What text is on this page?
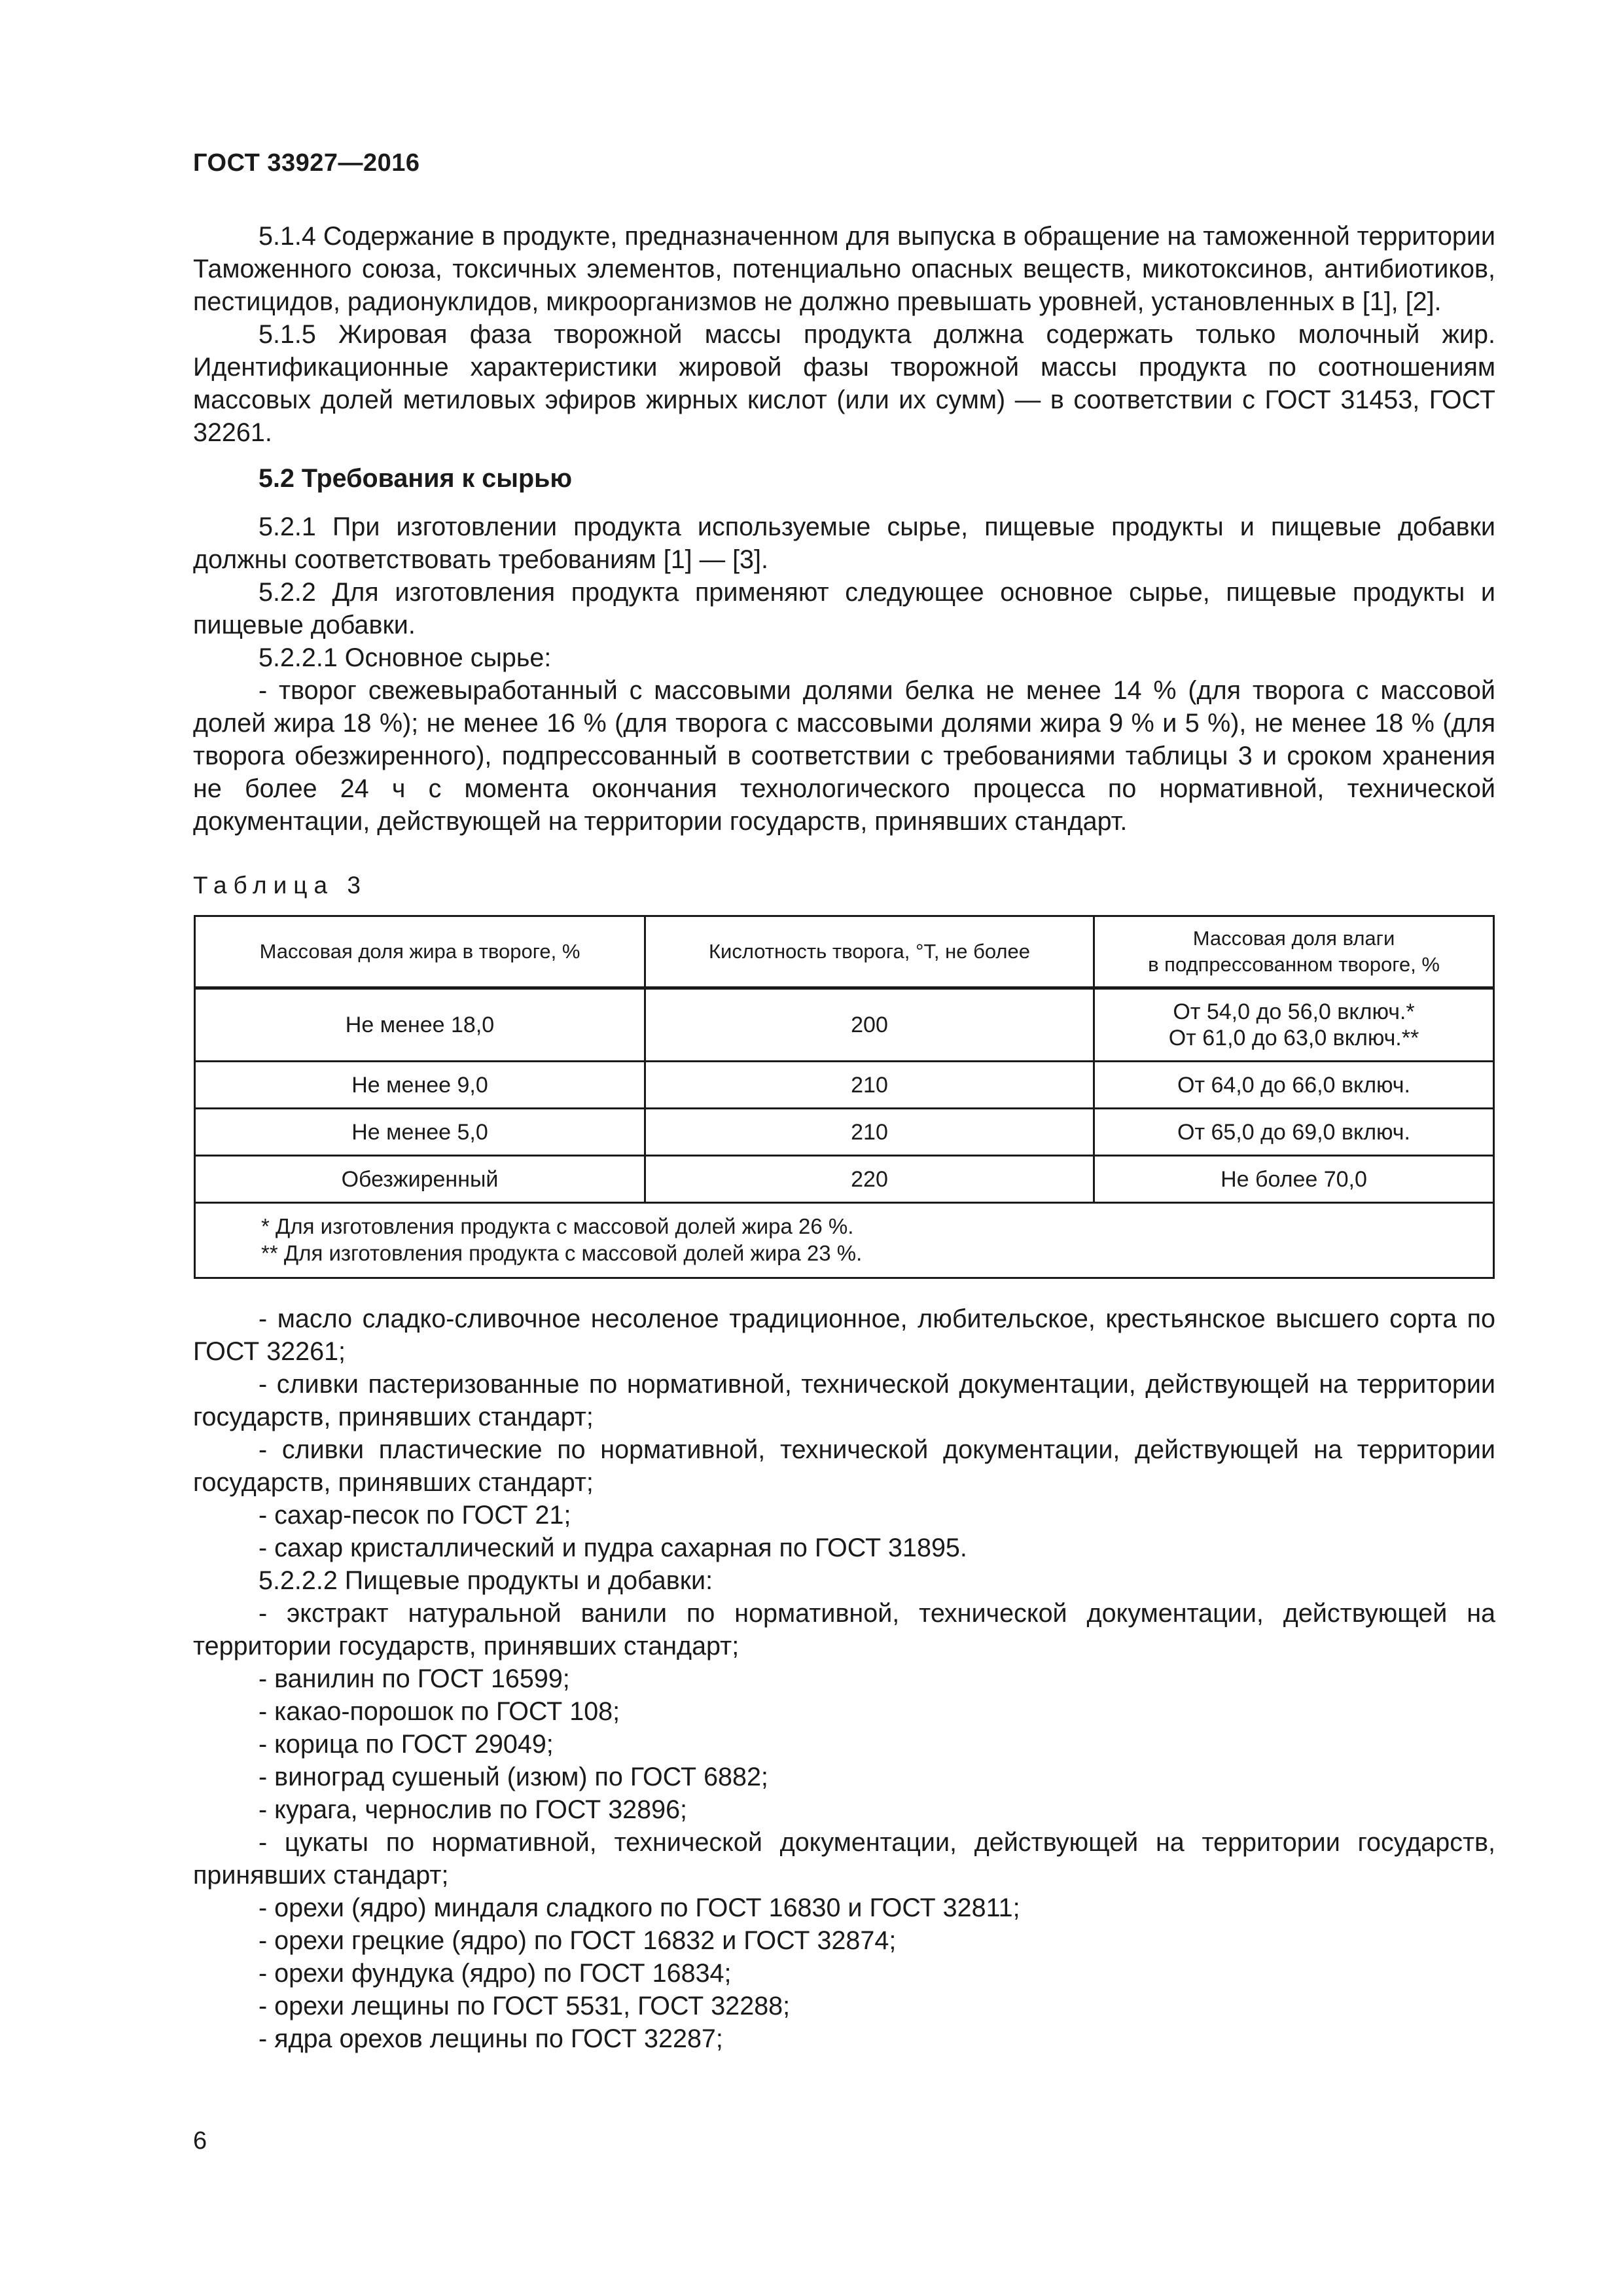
ГОСТ 33927—2016

5.1.4 Содержание в продукте, предназначенном для выпуска в обращение на таможенной территории Таможенного союза, токсичных элементов, потенциально опасных веществ, микотоксинов, антибиотиков, пестицидов, радионуклидов, микроорганизмов не должно превышать уровней, установленных в [1], [2].

5.1.5 Жировая фаза творожной массы продукта должна содержать только молочный жир. Идентификационные характеристики жировой фазы творожной массы продукта по соотношениям массовых долей метиловых эфиров жирных кислот (или их сумм) — в соответствии с ГОСТ 31453, ГОСТ 32261.

5.2 Требования к сырью

5.2.1 При изготовлении продукта используемые сырье, пищевые продукты и пищевые добавки должны соответствовать требованиям [1] — [3].

5.2.2 Для изготовления продукта применяют следующее основное сырье, пищевые продукты и пищевые добавки.

5.2.2.1 Основное сырье:

- творог свежевыработанный с массовыми долями белка не менее 14 % (для творога с массовой долей жира 18 %); не менее 16 % (для творога с массовыми долями жира 9 % и 5 %), не менее 18 % (для творога обезжиренного), подпрессованный в соответствии с требованиями таблицы 3 и сроком хранения не более 24 ч с момента окончания технологического процесса по нормативной, технической документации, действующей на территории государств, принявших стандарт.

Таблица 3
Массовая доля жира в твороге, %	Кислотность творога, °Т, не более	Массовая доля влаги
в подпрессованном твороге, %
Не менее 18,0	200	От 54,0 до 56,0 включ.*
От 61,0 до 63,0 включ.**
Не менее 9,0	210	От 64,0 до 66,0 включ.
Не менее 5,0	210	От 65,0 до 69,0 включ.
Обезжиренный	220	Не более 70,0
* Для изготовления продукта с массовой долей жира 26 %.
** Для изготовления продукта с массовой долей жира 23 %.		

- масло сладко-сливочное несоленое традиционное, любительское, крестьянское высшего сорта по ГОСТ 32261;

- сливки пастеризованные по нормативной, технической документации, действующей на территории государств, принявших стандарт;

- сливки пластические по нормативной, технической документации, действующей на территории государств, принявших стандарт;

- сахар-песок по ГОСТ 21;

- сахар кристаллический и пудра сахарная по ГОСТ 31895.

5.2.2.2 Пищевые продукты и добавки:

- экстракт натуральной ванили по нормативной, технической документации, действующей на территории государств, принявших стандарт;

- ванилин по ГОСТ 16599;

- какао-порошок по ГОСТ 108;

- корица по ГОСТ 29049;

- виноград сушеный (изюм) по ГОСТ 6882;

- курага, чернослив по ГОСТ 32896;

- цукаты по нормативной, технической документации, действующей на территории государств, принявших стандарт;

- орехи (ядро) миндаля сладкого по ГОСТ 16830 и ГОСТ 32811;

- орехи грецкие (ядро) по ГОСТ 16832 и ГОСТ 32874;

- орехи фундука (ядро) по ГОСТ 16834;

- орехи лещины по ГОСТ 5531, ГОСТ 32288;

- ядра орехов лещины по ГОСТ 32287;

6
